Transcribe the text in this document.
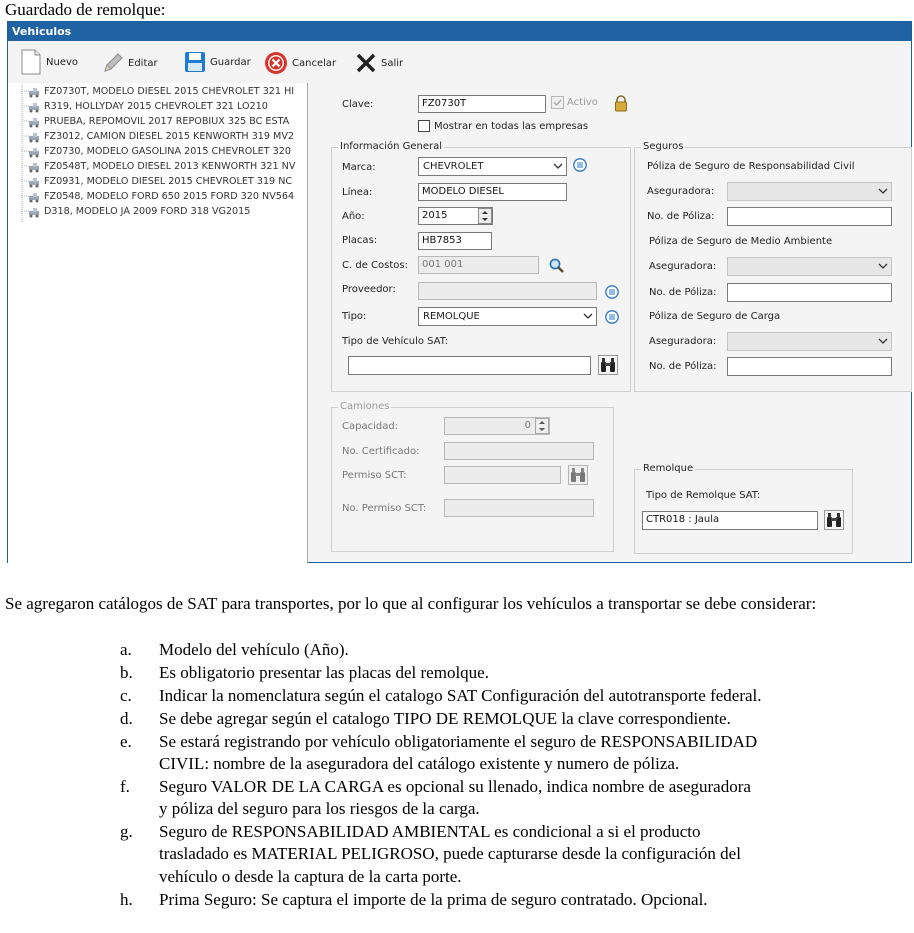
Guardado de remolque:
Vehiculos
Nuevo	Editar	Guardar	Cancelar	Salir
FZ0730T, MODELO DIESEL 2015 CHEVROLET 321 HI
R319, HOLLYDAY 2015 CHEVROLET 321 LO210
PRUEBA, REPOMOVIL 2017 REPOBIUX 325 BC ESTA
FZ3012, CAMION DIESEL 2015 KENWORTH 319 MV2
FZ0730, MODELO GASOLINA 2015 CHEVROLET 320
FZ0548T, MODELO DIESEL 2013 KENWORTH 321 NV
FZ0931, MODELO DIESEL 2015 CHEVROLET 319 NC
FZ0548, MODELO FORD 650 2015 FORD 320 NV564
D318, MODELO JA 2009 FORD 318 VG2015
Clave:	FZ0730T	Activo
Mostrar en todas las empresas
Información General
Marca:	CHEVROLET
Línea:	MODELO DIESEL
Año:	2015
Placas:	HB7853
C. de Costos:	001 001
Proveedor:
Tipo:	REMOLQUE
Tipo de Vehículo SAT:
Seguros
Póliza de Seguro de Responsabilidad Civil
Aseguradora:
No. de Póliza:
Póliza de Seguro de Medio Ambiente
Aseguradora:
No. de Póliza:
Póliza de Seguro de Carga
Aseguradora:
No. de Póliza:
Camiones
Capacidad:	0
No. Certificado:
Permiso SCT:
No. Permiso SCT:
Remolque
Tipo de Remolque SAT:
CTR018 : Jaula
Se agregaron catálogos de SAT para transportes, por lo que al configurar los vehículos a transportar se debe considerar:
a. Modelo del vehículo (Año).
b. Es obligatorio presentar las placas del remolque.
c. Indicar la nomenclatura según el catalogo SAT Configuración del autotransporte federal.
d. Se debe agregar según el catalogo TIPO DE REMOLQUE la clave correspondiente.
e. Se estará registrando por vehículo obligatoriamente el seguro de RESPONSABILIDAD
CIVIL: nombre de la aseguradora del catálogo existente y numero de póliza.
f. Seguro VALOR DE LA CARGA es opcional su llenado, indica nombre de aseguradora
y póliza del seguro para los riesgos de la carga.
g. Seguro de RESPONSABILIDAD AMBIENTAL es condicional a si el producto
trasladado es MATERIAL PELIGROSO, puede capturarse desde la configuración del
vehículo o desde la captura de la carta porte.
h. Prima Seguro: Se captura el importe de la prima de seguro contratado. Opcional.
